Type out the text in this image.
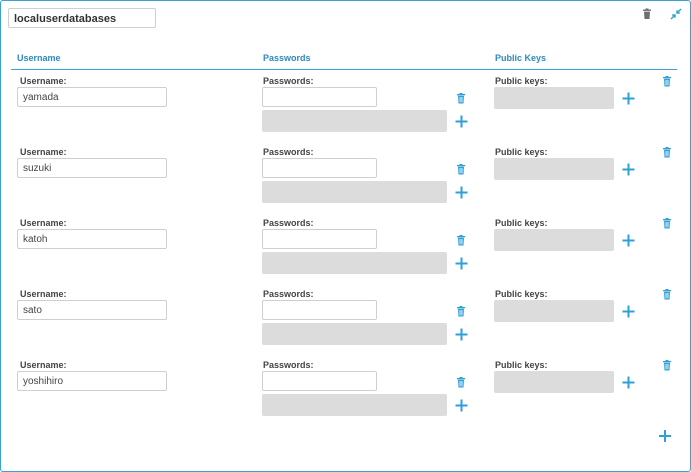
localuserdatabases
Username	Passwords	Public Keys
Username:
yamada
Passwords:	Public keys:
Username:
suzuki
Passwords:	Public keys:
Username:
katoh
Passwords:	Public keys:
Username:
sato
Passwords:	Public keys:
Username:
yoshihiro
Passwords:	Public keys:
